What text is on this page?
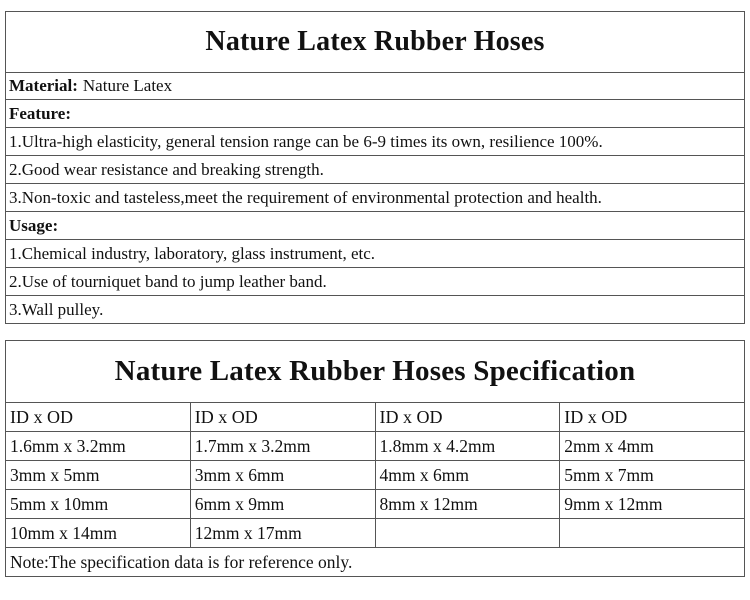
Nature Latex Rubber Hoses
Material: Nature Latex
Feature:
1.Ultra-high elasticity, general tension range can be 6-9 times its own, resilience 100%.
2.Good wear resistance and breaking strength.
3.Non-toxic and tasteless,meet the requirement of environmental protection and health.
Usage:
1.Chemical industry, laboratory, glass instrument, etc.
2.Use of tourniquet band to jump leather band.
3.Wall pulley.
Nature Latex Rubber Hoses Specification
ID x OD	ID x OD	ID x OD	ID x OD
1.6mm x 3.2mm	1.7mm x 3.2mm	1.8mm x 4.2mm	2mm x 4mm
3mm x 5mm	3mm x 6mm	4mm x 6mm	5mm x 7mm
5mm x 10mm	6mm x 9mm	8mm x 12mm	9mm x 12mm
10mm x 14mm	12mm x 17mm		
Note:The specification data is for reference only.			
